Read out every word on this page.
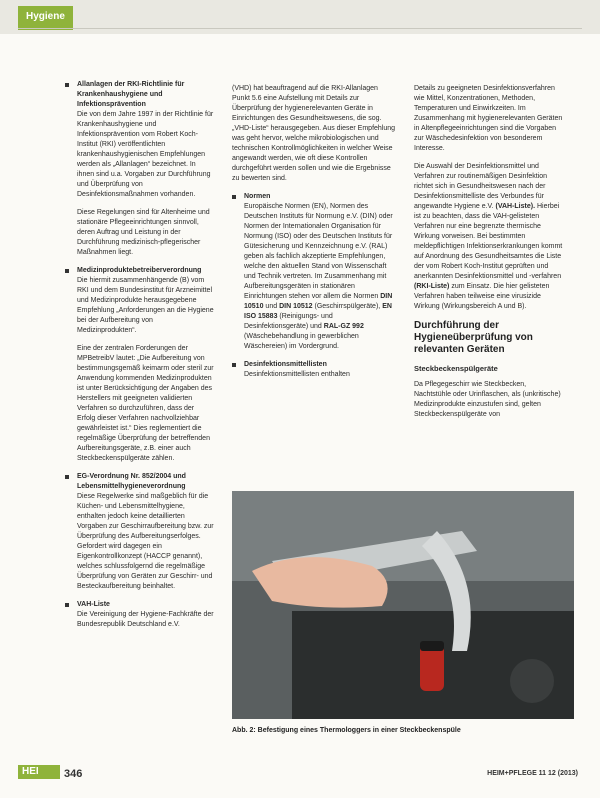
Hygiene
Allanlagen der RKI-Richtlinie für Krankenhaushygiene und Infektionsprävention
Die von dem Jahre 1997 in der Richtlinie für Krankenhaushygiene und Infektionsprävention vom Robert Koch-Institut (RKI) veröffentlichten krankenhaushygienischen Empfehlungen werden als „Allanlagen“ bezeichnet. In ihnen sind u.a. Vorgaben zur Durchführung und Überprüfung von Desinfektionsmaßnahmen vorhanden.
Diese Regelungen sind für Altenheime und stationäre Pflegeeinrichtungen sinnvoll, deren Auftrag und Leistung in der Durchführung medizinisch-pflegerischer Maßnahmen liegt.
Medizinproduktebetreiberverordnung
Die hiermit zusammenhängende (B) vom RKI und dem Bundesinstitut für Arzneimittel und Medizinprodukte herausgegebene Empfehlung „Anforderungen an die Hygiene bei der Aufbereitung von Medizinprodukten“.
Eine der zentralen Forderungen der MPBetreibV lautet: „Die Aufbereitung von bestimmungsgemäß keimarm oder steril zur Anwendung kommenden Medizinprodukten ist unter Berücksichtigung der Angaben des Herstellers mit geeigneten validierten Verfahren so durchzuführen, dass der Erfolg dieser Verfahren nachvollziehbar gewährleistet ist.“ Dies reglementiert die regelmäßige Überprüfung der betreffenden Aufbereitungsgeräte, z.B. einer auch Steckbeckenspülgeräte zählen.
EG-Verordnung Nr. 852/2004 und Lebensmittelhygieneverordnung
Diese Regelwerke sind maßgeblich für die Küchen- und Lebensmittelhygiene, enthalten jedoch keine detaillierten Vorgaben zur Geschirraufbereitung bzw. zur Überprüfung des Aufbereitungserfolges. Gefordert wird dagegen ein Eigenkontrollkonzept (HACCP genannt), welches schlussfolgernd die regelmäßige Überprüfung von Geräten zur Geschirr- und Besteckaufbereitung beinhaltet.
VAH-Liste
Die Vereinigung der Hygiene-Fachkräfte der Bundesrepublik Deutschland e.V.
(VHD) hat beauftragend auf die RKI-Allanlagen Punkt 5.6 eine Aufstellung mit Details zur Überprüfung der hygienerelevanten Geräte in Einrichtungen des Gesundheitswesens, die sog. „VHD-Liste“ herausgegeben. Aus dieser Empfehlung was geht hervor, welche mikrobiologischen und technischen Kontrollmöglichkeiten in welcher Weise angewandt werden, wie oft diese Kontrollen durchgeführt werden sollen und wie die Ergebnisse zu bewerten sind.
Normen
Europäische Normen (EN), Normen des Deutschen Instituts für Normung e.V. (DIN) oder Normen der Internationalen Organisation für Normung (ISO) oder des Deutschen Instituts für Gütesicherung und Kennzeichnung e.V. (RAL) geben als fachlich akzeptierte Empfehlungen, welche den aktuellen Stand von Wissenschaft und Technik vertreten. Im Zusammenhang mit Aufbereitungsgeräten in stationären Einrichtungen stehen vor allem die Normen DIN 10510 und DIN 10512 (Geschirrspülgeräte), EN ISO 15883 (Reinigungs- und Desinfektionsgeräte) und RAL-GZ 992 (Wäschebehandlung in gewerblichen Wäschereien) im Vordergrund.
Desinfektionsmittellisten
Desinfektionsmittellisten enthalten
Details zu geeigneten Desinfektionsverfahren wie Mittel, Konzentrationen, Methoden, Temperaturen und Einwirkzeiten. Im Zusammenhang mit hygienerelevanten Geräten in Altenpflegeeinrichtungen sind die Vorgaben zur Wäschedesinfektion von besonderem Interesse.
Die Auswahl der Desinfektionsmittel und Verfahren zur routinemäßigen Desinfektion richtet sich in Gesundheitswesen nach der Desinfektionsmittelliste des Verbundes für angewandte Hygiene e.V. (VAH-Liste). Hierbei ist zu beachten, dass die VAH-gelisteten Verfahren nur eine begrenzte thermische Wirkung vorweisen. Bei bestimmten meldepflichtigen Infektionserkrankungen kommt auf Anordnung des Gesundheitsamtes die Liste der vom Robert Koch-Institut geprüften und anerkannten Desinfektionsmittel und -verfahren (RKI-Liste) zum Einsatz. Die hier gelisteten Verfahren haben teilweise eine virusizide Wirkung (Wirkungsbereich A und B).
Durchführung der Hygieneüberprüfung von relevanten Geräten
Steckbeckenspülgeräte
Da Pflegegeschirr wie Steckbecken, Nachtstühle oder Urinflaschen, als (unkritische) Medizinprodukte einzustufen sind, gelten Steckbeckenspülgeräte von
Abb. 2: Befestigung eines Thermologgers in einer Steckbeckenspüle
HEI 346	HEIM+PFLEGE 11 12 (2013)
